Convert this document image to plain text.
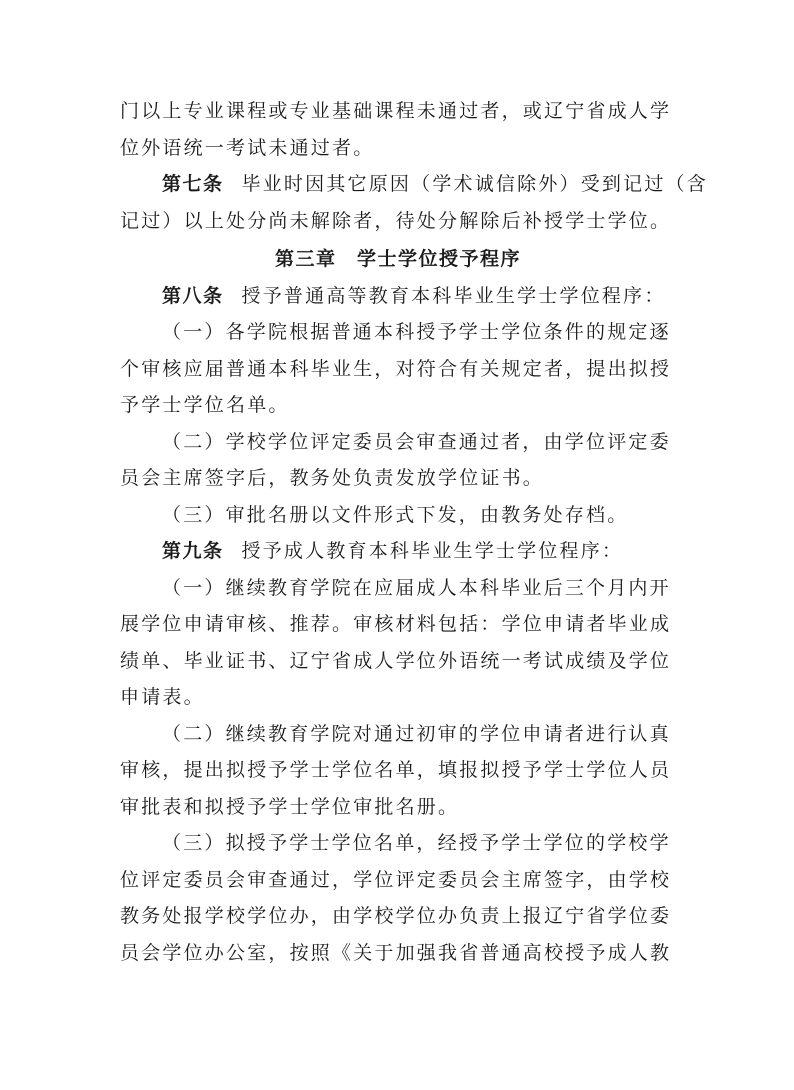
门以上专业课程或专业基础课程未通过者，或辽宁省成人学
位外语统一考试未通过者。
第七条 毕业时因其它原因（学术诚信除外）受到记过（含
记过）以上处分尚未解除者，待处分解除后补授学士学位。
第三章　学士学位授予程序
第八条 授予普通高等教育本科毕业生学士学位程序：
（一）各学院根据普通本科授予学士学位条件的规定逐
个审核应届普通本科毕业生，对符合有关规定者，提出拟授
予学士学位名单。
（二）学校学位评定委员会审查通过者，由学位评定委
员会主席签字后，教务处负责发放学位证书。
（三）审批名册以文件形式下发，由教务处存档。
第九条 授予成人教育本科毕业生学士学位程序：
（一）继续教育学院在应届成人本科毕业后三个月内开
展学位申请审核、推荐。审核材料包括：学位申请者毕业成
绩单、毕业证书、辽宁省成人学位外语统一考试成绩及学位
申请表。
（二）继续教育学院对通过初审的学位申请者进行认真
审核，提出拟授予学士学位名单，填报拟授予学士学位人员
审批表和拟授予学士学位审批名册。
（三）拟授予学士学位名单，经授予学士学位的学校学
位评定委员会审查通过，学位评定委员会主席签字，由学校
教务处报学校学位办，由学校学位办负责上报辽宁省学位委
员会学位办公室，按照《关于加强我省普通高校授予成人教
